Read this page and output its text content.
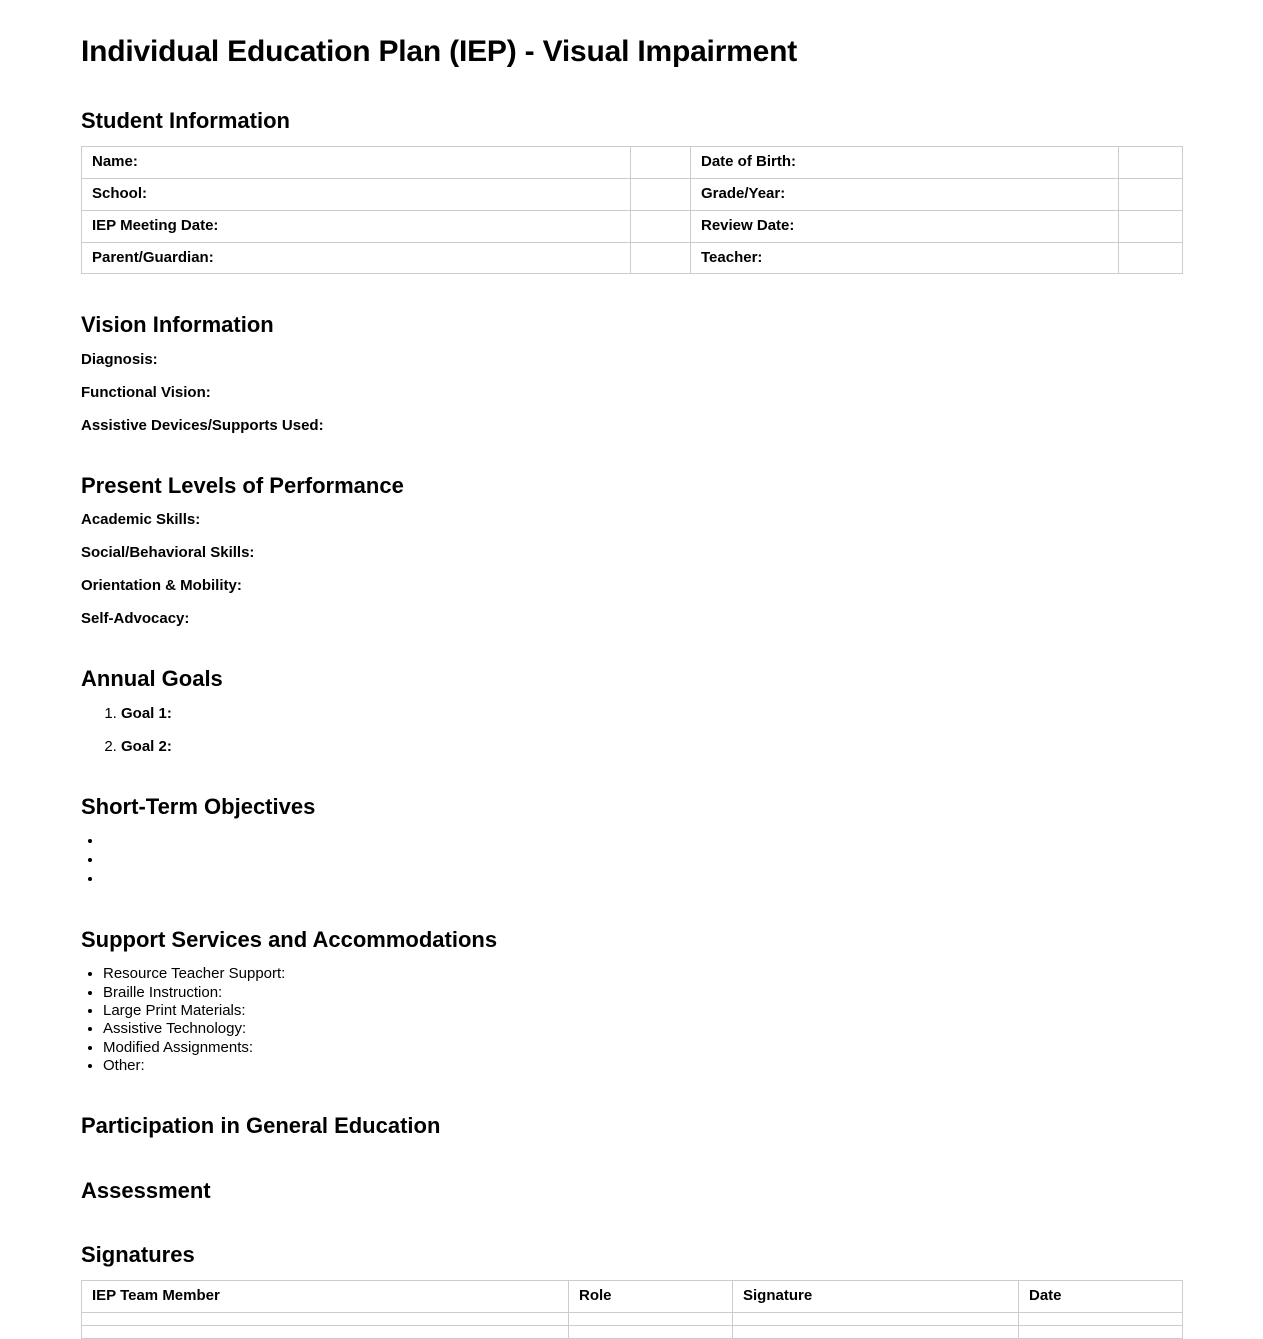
Individual Education Plan (IEP) - Visual Impairment
Student Information
Name:		Date of Birth:	
School:		Grade/Year:	
IEP Meeting Date:		Review Date:	
Parent/Guardian:		Teacher:	
Vision Information

Diagnosis:

Functional Vision:

Assistive Devices/Supports Used:

Present Levels of Performance

Academic Skills:

Social/Behavioral Skills:

Orientation & Mobility:

Self-Advocacy:

Annual Goals
1. Goal 1:
2. Goal 2:
Short-Term Objectives
•
•
•
Support Services and Accommodations
• Resource Teacher Support:
• Braille Instruction:
• Large Print Materials:
• Assistive Technology:
• Modified Assignments:
• Other:
Participation in General Education
Assessment
Signatures
IEP Team Member	Role	Signature	Date
